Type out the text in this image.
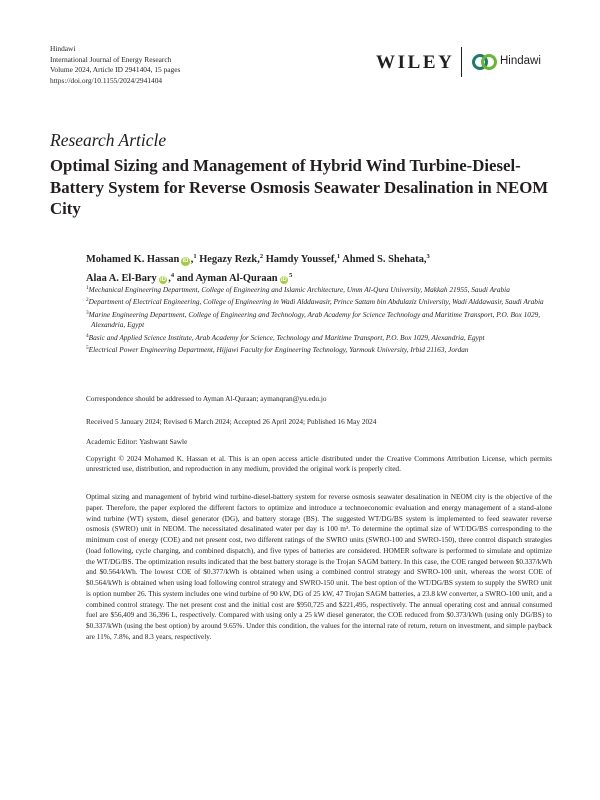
Hindawi
International Journal of Energy Research
Volume 2024, Article ID 2941404, 15 pages
https://doi.org/10.1155/2024/2941404
WILEY	Hindawi
Research Article
Optimal Sizing and Management of Hybrid Wind Turbine-Diesel-Battery System for Reverse Osmosis Seawater Desalination in NEOM City
Mohamed K. Hassan iD ,$^1$ Hegazy Rezk,$^2$ Hamdy Youssef,$^1$ Ahmed S. Shehata,$^3$
Alaa A. El-Bary iD ,$^4$ and Ayman Al-Quraan $iD^5$
$^1$Mechanical Engineering Department, College of Engineering and Islamic Architecture, Umm Al-Qura University, Makkah 21955, Saudi Arabia
$^2$Department of Electrical Engineering, College of Engineering in Wadi Alddawasir, Prince Sattam bin Abdulaziz University, Wadi Alddawasir, Saudi Arabia
$^3$Marine Engineering Department, College of Engineering and Technology, Arab Academy for Science Technology and Maritime Transport, P.O. Box 1029, Alexandria, Egypt
$^4$Basic and Applied Science Institute, Arab Academy for Science, Technology and Maritime Transport, P.O. Box 1029, Alexandria, Egypt
$^5$Electrical Power Engineering Department, Hijjawi Faculty for Engineering Technology, Yarmouk University, Irbid 21163, Jordan
Correspondence should be addressed to Ayman Al-Quraan; aymanqran@yu.edu.jo
Received 5 January 2024; Revised 6 March 2024; Accepted 26 April 2024; Published 16 May 2024
Academic Editor: Yashwant Sawle
Copyright © 2024 Mohamed K. Hassan et al. This is an open access article distributed under the Creative Commons Attribution License, which permits unrestricted use, distribution, and reproduction in any medium, provided the original work is properly cited.
Optimal sizing and management of hybrid wind turbine-diesel-battery system for reverse osmosis seawater desalination in NEOM city is the objective of the paper. Therefore, the paper explored the different factors to optimize and introduce a technoeconomic evaluation and energy management of a stand-alone wind turbine (WT) system, diesel generator (DG), and battery storage (BS). The suggested WT/DG/BS system is implemented to feed seawater reverse osmosis (SWRO) unit in NEOM. The necessitated desalinated water per day is 100 m³. To determine the optimal size of WT/DG/BS corresponding to the minimum cost of energy (COE) and net present cost, two different ratings of the SWRO units (SWRO-100 and SWRO-150), three control dispatch strategies (load following, cycle charging, and combined dispatch), and five types of batteries are considered. HOMER software is performed to simulate and optimize the WT/DG/BS. The optimization results indicated that the best battery storage is the Trojan SAGM battery. In this case, the COE ranged between $0.337/kWh and $0.564/kWh. The lowest COE of $0.377/kWh is obtained when using a combined control strategy and SWRO-100 unit, whereas the worst COE of $0.564/kWh is obtained when using load following control strategy and SWRO-150 unit. The best option of the WT/DG/BS system to supply the SWRO unit is option number 26. This system includes one wind turbine of 90 kW, DG of 25 kW, 47 Trojan SAGM batteries, a 23.8 kW converter, a SWRO-100 unit, and a combined control strategy. The net present cost and the initial cost are $950,725 and $221,495, respectively. The annual operating cost and annual consumed fuel are $56,409 and 36,396 L, respectively. Compared with using only a 25 kW diesel generator, the COE reduced from $0.373/kWh (using only DG/BS) to $0.337/kWh (using the best option) by around 9.65%. Under this condition, the values for the internal rate of return, return on investment, and simple payback are 11%, 7.8%, and 8.3 years, respectively.
